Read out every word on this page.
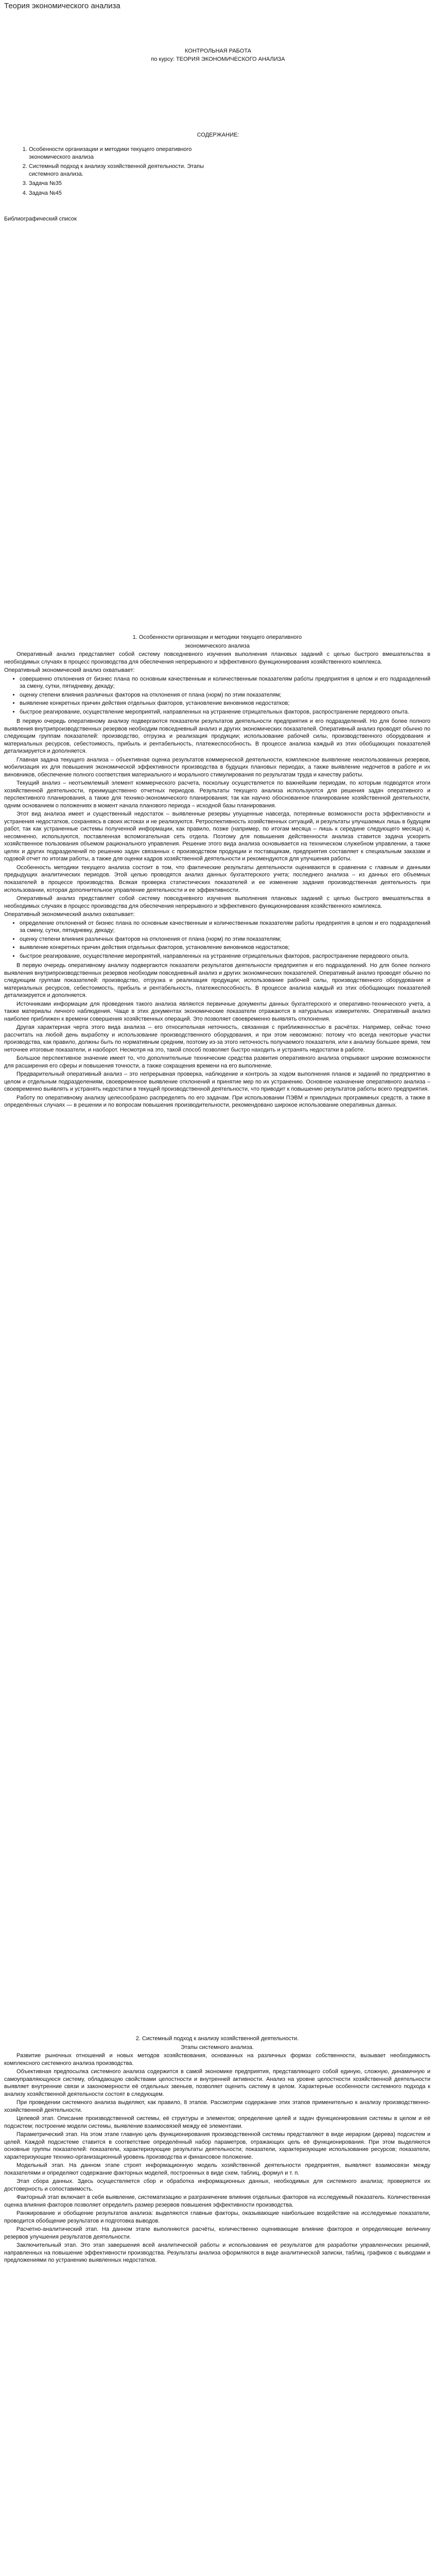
Теория экономического анализа
КОНТРОЛЬНАЯ РАБОТА
по курсу: ТЕОРИЯ ЭКОНОМИЧЕСКОГО АНАЛИЗА
СОДЕРЖАНИЕ:
1. Особенности организации и методики текущего оперативного экономического анализа
2. Системный подход к анализу хозяйственной деятельности. Этапы системного анализа.
3. Задача №35
4. Задача №45
Библиографический список
1. Особенности организации и методики текущего оперативного
экономического анализа

Оперативный анализ представляет собой систему повседневного изучения выполнения плановых заданий с целью быстрого вмешательства в необходимых случаях в процесс производства для обеспечения непрерывного и эффективного функционирования хозяйственного комплекса.

Оперативный экономический анализ охватывает:

• совершенно отклонения от бизнес плана по основным качественным и количественным показателям работы предприятия в целом и его подразделений за смену, сутки, пятидневку, декаду;
• оценку степени влияния различных факторов на отклонения от плана (норм) по этим показателям;
• выявление конкретных причин действия отдельных факторов, установление виновников недостатков;
• быстрое реагирование, осуществление мероприятий, направленных на устранение отрицательных факторов, распространение передового опыта.

В первую очередь оперативному анализу подвергаются показатели результатов деятельности предприятия и его подразделений. Но для более полного выявления внутрипроизводственных резервов необходим повседневный анализ и других экономических показателей. Оперативный анализ проводят обычно по следующим группам показателей: производство, отгрузка и реализация продукции; использование рабочей силы, производственного оборудования и материальных ресурсов, себестоимость, прибыль и рентабельность, платежеспособность. В процессе анализа каждый из этих обобщающих показателей детализируется и дополняется.

Главная задача текущего анализа – объективная оценка результатов коммерческой деятельности, комплексное выявление неиспользованных резервов, мобилизация их для повышения экономической эффективности производства в будущих плановых периодах, а также выявление недочетов в работе и их виновников, обеспечение полного соответствия материального и морального стимулирования по результатам труда и качеству работы.

Текущий анализ – неотъемлемый элемент коммерческого расчета, поскольку осуществляется по важнейшим периодам, по которым подводятся итоги хозяйственной деятельности, преимущественно отчетных периодов. Результаты текущего анализа используются для решения задач оперативного и перспективного планирования, а также для технико-экономического планирования; так как научно обоснованное планирование хозяйственной деятельности, одним основанием о положениях в момент начала планового периода – исходной базы планирования.

Этот вид анализа имеет и существенный недостаток – выявленные резервы упущенные навсегда, потерянные возможности роста эффективности и устранения недостатков, сохраняясь в своих истоках и не реализуются. Ретроспективность хозяйственных ситуаций, и результаты улучшаемых лишь в будущем работ, так как устраненные системы полученной информации, как правило, позже (например, по итогам месяца – лишь к середине следующего месяца) и, несомненно, используются, поставленная вспомогательная сеть отдела. Поэтому для повышения действенности анализа ставится задача ускорить хозяйственное пользования объемом рационального управления. Решение этого вида анализа основывается на техническом служебном управлении, а также целях и других подразделений по решению задач связанных с производством продукции и поставщикам, предприятия составляет к специальным заказам и годовой отчет по итогам работы, а также для оценки кадров хозяйственной деятельности и рекомендуются для улучшения работы.

Особенность методики текущего анализа состоит в том, что фактические результаты деятельности оцениваются в сравнении с главным и данными предыдущих аналитических периодов. Этой целью проводятся анализ данных бухгалтерского учета; последнего анализа – из данных его объемных показателей в процессе производства. Всякая проверка статистических показателей и ее изменение задания производственная деятельность при использовании, которая дополнительное управление деятельности и ее эффективности.

Оперативный анализ представляет собой систему повседневного изучения выполнения плановых заданий с целью быстрого вмешательства в необходимых случаях в процесс производства для обеспечения непрерывного и эффективного функционирования хозяйственного комплекса.

Оперативный экономический анализ охватывает:

• определение отклонений от бизнес плана по основным качественным и количественным показателям работы предприятия в целом и его подразделений за смену, сутки, пятидневку, декаду;
• оценку степени влияния различных факторов на отклонения от плана (норм) по этим показателям;
• выявление конкретных причин действия отдельных факторов, установление виновников недостатков;
• быстрое реагирование, осуществление мероприятий, направленных на устранение отрицательных факторов, распространение передового опыта.

В первую очередь оперативному анализу подвергаются показатели результатов деятельности предприятия и его подразделений. Но для более полного выявления внутрипроизводственных резервов необходим повседневный анализ и других экономических показателей. Оперативный анализ проводят обычно по следующим группам показателей: производство, отгрузка и реализация продукции; использование рабочей силы, производственного оборудования и материальных ресурсов, себестоимость, прибыль и рентабельность, платежеспособность. В процессе анализа каждый из этих обобщающих показателей детализируется и дополняется.

Источниками информации для проведения такого анализа являются первичные документы данных бухгалтерского и оперативно-технического учета, а также материалы личного наблюдения. Чаще в этих документах экономические показатели отражаются в натуральных измерителях. Оперативный анализ наиболее приближен к времени совершения хозяйственных операций. Это позволяет своевременно выявлять отклонения.

Другая характерная черта этого вида анализа – его относительная неточность, связанная с приближенностью в расчётах. Например, сейчас точно рассчитать на любой день выработку и использование производственного оборудования, и при этом невозможно: потому что всегда некоторые участки производства, как правило, должны быть по нормативным средним, поэтому из-за этого неточность получаемого показателя, или к анализу большее время, тем неточнее итоговые показатели, и наоборот. Несмотря на это, такой способ позволяет быстро находить и устранять недостатки в работе.

Большое перспективное значение имеет то, что дополнительные технические средства развития оперативного анализа открывают широкие возможности для расширения его сферы и повышения точности, а также сокращения времени на его выполнение.

Предварительный оперативный анализ – это непрерывная проверка, наблюдение и контроль за ходом выполнения планов и заданий по предприятию в целом и отдельным подразделениям, своевременное выявление отклонений и принятие мер по их устранению. Основное назначение оперативного анализа – своевременно выявлять и устранять недостатки в текущей производственной деятельности, что приводит к повышению результатов работы всего предприятия.

Работу по оперативному анализу целесообразно распределять по его задачам. При использовании ПЭВМ и прикладных программных средств, а также в определённых случаях — в решении и по вопросам повышения производительности, рекомендовано широкое использование оперативных данных.

2. Системный подход к анализу хозяйственной деятельности.
Этапы системного анализа.

Развитие рыночных отношений и новых методов хозяйствования, основанных на различных формах собственности, вызывает необходимость комплексного системного анализа производства.

Объективная предпосылка системного анализа содержится в самой экономике предприятия, представляющего собой единую, сложную, динамичную и самоуправляющуюся систему, обладающую свойствами целостности и внутренней активности. Анализ на уровне целостности хозяйственной деятельности выявляет внутренние связи и закономерности её отдельных звеньев, позволяет оценить систему в целом. Характерные особенности системного подхода к анализу хозяйственной деятельности состоят в следующем.

При проведении системного анализа выделяют, как правило, 8 этапов. Рассмотрим содержание этих этапов применительно к анализу производственно-хозяйственной деятельности.

Целевой этап. Описание производственной системы, её структуры и элементов; определение целей и задач функционирования системы в целом и её подсистем; построение модели системы, выявление взаимосвязей между её элементами.

Параметрический этап. На этом этапе главную цель функционирования производственной системы представляют в виде иерархии (дерева) подсистем и целей. Каждой подсистеме ставится в соответствие определённый набор параметров, отражающих цель её функционирования. При этом выделяются основные группы показателей: показатели, характеризующие результаты деятельности; показатели, характеризующие использование ресурсов; показатели, характеризующие технико-организационный уровень производства и финансовое положение.

Модельный этап. На данном этапе строят информационную модель хозяйственной деятельности предприятия, выявляют взаимосвязи между показателями и определяют содержание факторных моделей, построенных в виде схем, таблиц, формул и т. п.

Этап сбора данных. Здесь осуществляется сбор и обработка информационных данных, необходимых для системного анализа; проверяется их достоверность и сопоставимость.

Факторный этап включает в себя выявление, систематизацию и разграничение влияния отдельных факторов на исследуемый показатель. Количественная оценка влияния факторов позволяет определить размер резервов повышения эффективности производства.

Ранжирование и обобщение результатов анализа: выделяются главные факторы, оказывающие наибольшее воздействие на исследуемые показатели, проводится обобщение результатов и подготовка выводов.

Расчетно-аналитический этап. На данном этапе выполняются расчёты, количественно оценивающие влияние факторов и определяющие величину резервов улучшения результатов деятельности.

Заключительный этап. Это этап завершения всей аналитической работы и использования её результатов для разработки управленческих решений, направленных на повышение эффективности производства. Результаты анализа оформляются в виде аналитической записки, таблиц, графиков с выводами и предложениями по устранению выявленных недостатков.
